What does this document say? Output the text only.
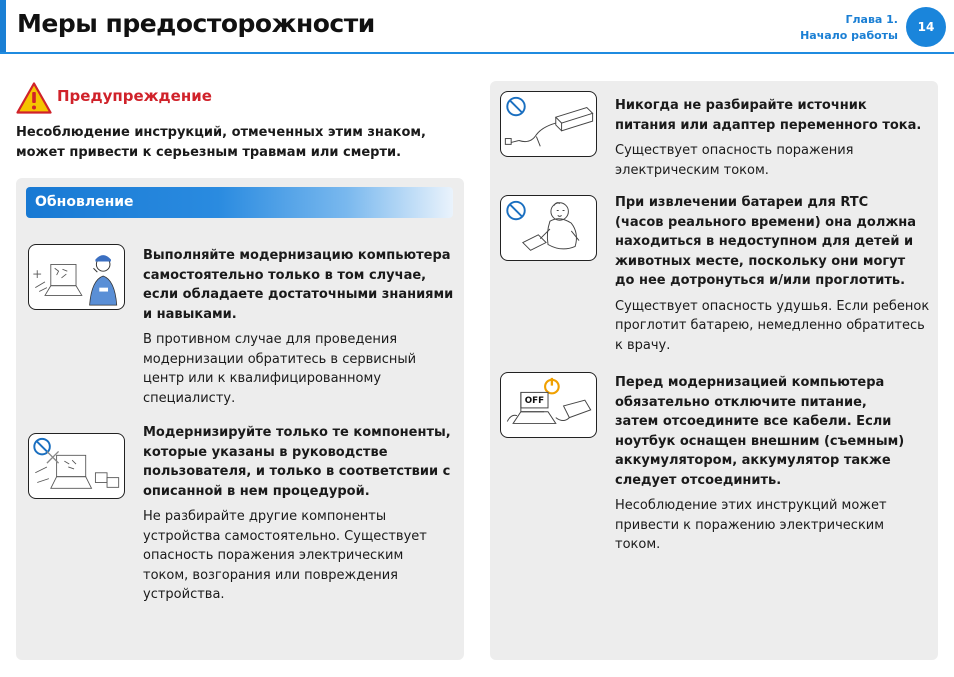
Меры предосторожности	Глава 1.
Начало работы
14
Предупреждение
Несоблюдение инструкций, отмеченных этим знаком, может привести к серьезным травмам или смерти.
Обновление
Выполняйте модернизацию компьютера
самостоятельно только в том случае,
если обладаете достаточными знаниями
и навыками.
В противном случае для проведения
модернизации обратитесь в сервисный
центр или к квалифицированному
специалисту.
Модернизируйте только те компоненты,
которые указаны в руководстве
пользователя, и только в соответствии с
описанной в нем процедурой.
Не разбирайте другие компоненты
устройства самостоятельно. Существует
опасность поражения электрическим
током, возгорания или повреждения
устройства.
Никогда не разбирайте источник
питания или адаптер переменного тока.
Существует опасность поражения
электрическим током.
При извлечении батареи для RTC
(часов реального времени) она должна
находиться в недоступном для детей и
животных месте, поскольку они могут
до нее дотронуться и/или проглотить.
Существует опасность удушья. Если ребенок
проглотит батарею, немедленно обратитесь
к врачу.
OFF
Перед модернизацией компьютера
обязательно отключите питание,
затем отсоедините все кабели. Если
ноутбук оснащен внешним (съемным)
аккумулятором, аккумулятор также
следует отсоединить.
Несоблюдение этих инструкций может
привести к поражению электрическим
током.
